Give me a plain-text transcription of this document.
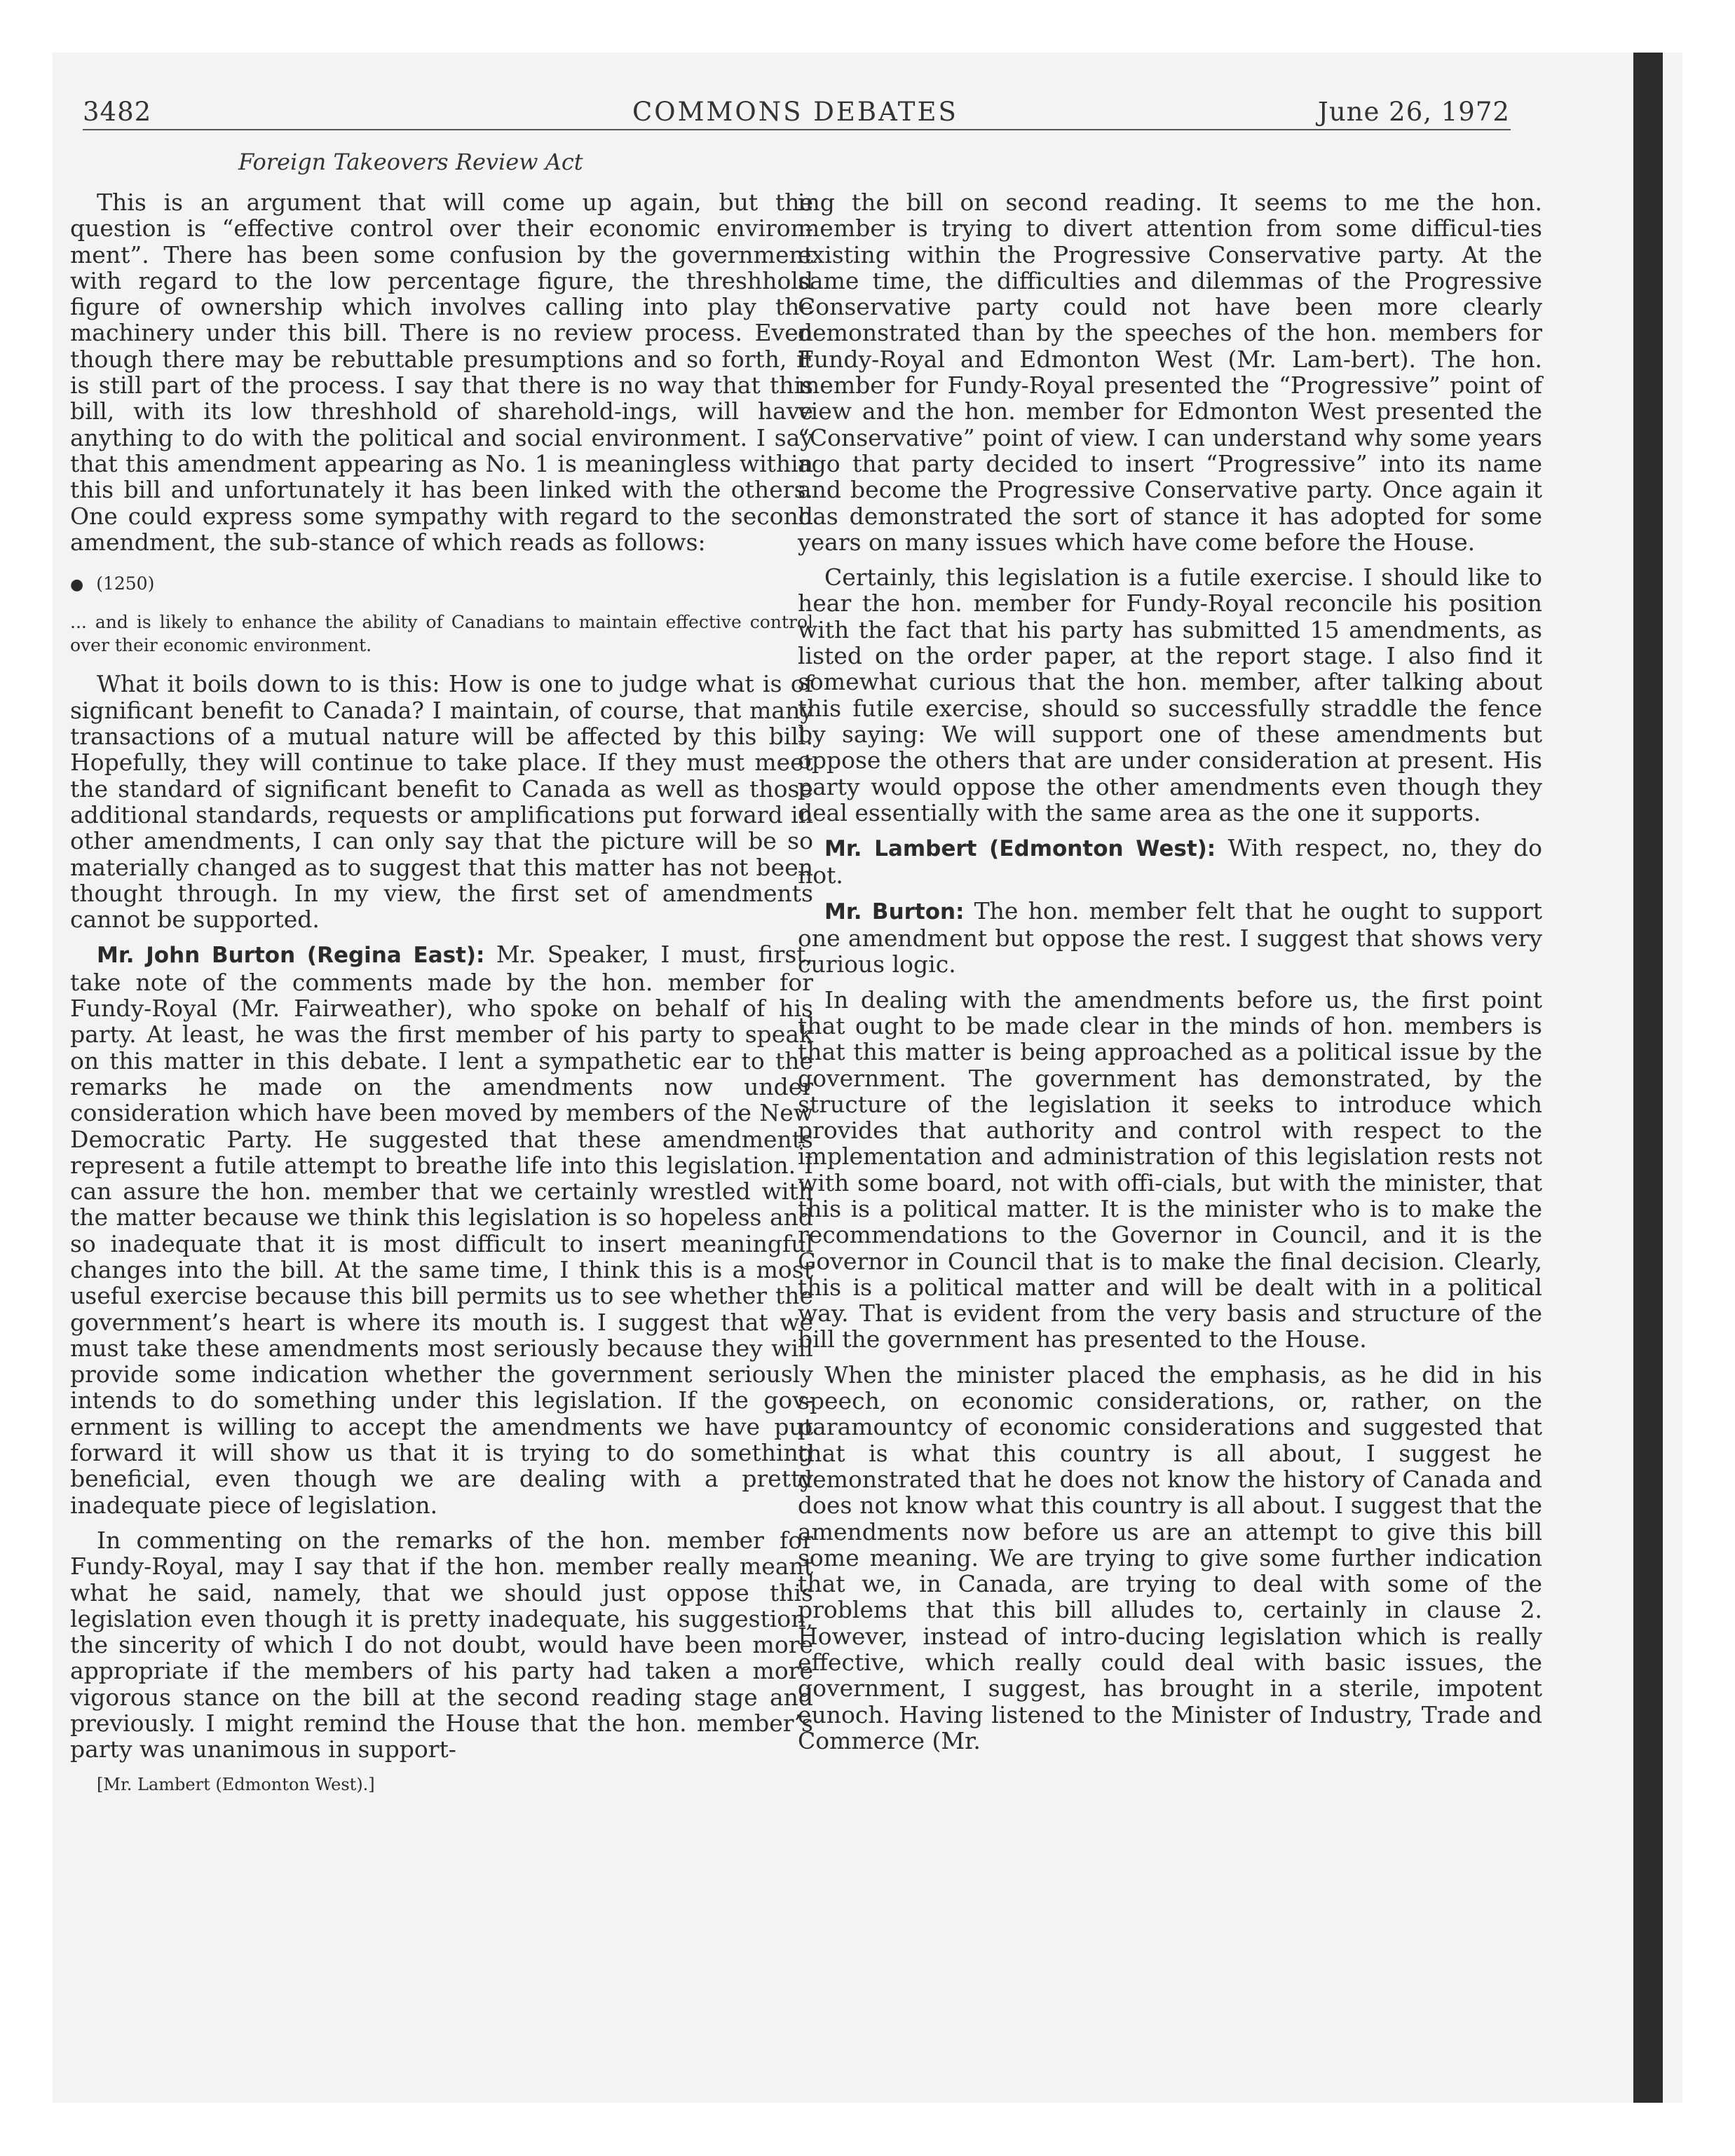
3482	COMMONS DEBATES	June 26, 1972
Foreign Takeovers Review Act

This is an argument that will come up again, but the question is “effective control over their economic environ-ment”. There has been some confusion by the government with regard to the low percentage figure, the threshhold figure of ownership which involves calling into play the machinery under this bill. There is no review process. Even though there may be rebuttable presumptions and so forth, it is still part of the process. I say that there is no way that this bill, with its low threshhold of sharehold-ings, will have anything to do with the political and social environment. I say that this amendment appearing as No. 1 is meaningless within this bill and unfortunately it has been linked with the others. One could express some sympathy with regard to the second amendment, the sub-stance of which reads as follows:

● (1250)

... and is likely to enhance the ability of Canadians to maintain effective control over their economic environment.

What it boils down to is this: How is one to judge what is of significant benefit to Canada? I maintain, of course, that many transactions of a mutual nature will be affected by this bill. Hopefully, they will continue to take place. If they must meet the standard of significant benefit to Canada as well as those additional standards, requests or amplifications put forward in other amendments, I can only say that the picture will be so materially changed as to suggest that this matter has not been thought through. In my view, the first set of amendments cannot be supported.

Mr. John Burton (Regina East): Mr. Speaker, I must, first, take note of the comments made by the hon. member for Fundy-Royal (Mr. Fairweather), who spoke on behalf of his party. At least, he was the first member of his party to speak on this matter in this debate. I lent a sympathetic ear to the remarks he made on the amendments now under consideration which have been moved by members of the New Democratic Party. He suggested that these amendments represent a futile attempt to breathe life into this legislation. I can assure the hon. member that we certainly wrestled with the matter because we think this legislation is so hopeless and so inadequate that it is most difficult to insert meaningful changes into the bill. At the same time, I think this is a most useful exercise because this bill permits us to see whether the government’s heart is where its mouth is. I suggest that we must take these amendments most seriously because they will provide some indication whether the government seriously intends to do something under this legislation. If the gov-ernment is willing to accept the amendments we have put forward it will show us that it is trying to do something beneficial, even though we are dealing with a pretty inadequate piece of legislation.

In commenting on the remarks of the hon. member for Fundy-Royal, may I say that if the hon. member really meant what he said, namely, that we should just oppose this legislation even though it is pretty inadequate, his suggestion, the sincerity of which I do not doubt, would have been more appropriate if the members of his party had taken a more vigorous stance on the bill at the second reading stage and previously. I might remind the House that the hon. member’s party was unanimous in support-

[Mr. Lambert (Edmonton West).]

ing the bill on second reading. It seems to me the hon. member is trying to divert attention from some difficul-ties existing within the Progressive Conservative party. At the same time, the difficulties and dilemmas of the Progressive Conservative party could not have been more clearly demonstrated than by the speeches of the hon. members for Fundy-Royal and Edmonton West (Mr. Lam-bert). The hon. member for Fundy-Royal presented the “Progressive” point of view and the hon. member for Edmonton West presented the “Conservative” point of view. I can understand why some years ago that party decided to insert “Progressive” into its name and become the Progressive Conservative party. Once again it has demonstrated the sort of stance it has adopted for some years on many issues which have come before the House.

Certainly, this legislation is a futile exercise. I should like to hear the hon. member for Fundy-Royal reconcile his position with the fact that his party has submitted 15 amendments, as listed on the order paper, at the report stage. I also find it somewhat curious that the hon. member, after talking about this futile exercise, should so successfully straddle the fence by saying: We will support one of these amendments but oppose the others that are under consideration at present. His party would oppose the other amendments even though they deal essentially with the same area as the one it supports.

Mr. Lambert (Edmonton West): With respect, no, they do not.

Mr. Burton: The hon. member felt that he ought to support one amendment but oppose the rest. I suggest that shows very curious logic.

In dealing with the amendments before us, the first point that ought to be made clear in the minds of hon. members is that this matter is being approached as a political issue by the government. The government has demonstrated, by the structure of the legislation it seeks to introduce which provides that authority and control with respect to the implementation and administration of this legislation rests not with some board, not with offi-cials, but with the minister, that this is a political matter. It is the minister who is to make the recommendations to the Governor in Council, and it is the Governor in Council that is to make the final decision. Clearly, this is a political matter and will be dealt with in a political way. That is evident from the very basis and structure of the bill the government has presented to the House.

When the minister placed the emphasis, as he did in his speech, on economic considerations, or, rather, on the paramountcy of economic considerations and suggested that that is what this country is all about, I suggest he demonstrated that he does not know the history of Canada and does not know what this country is all about. I suggest that the amendments now before us are an attempt to give this bill some meaning. We are trying to give some further indication that we, in Canada, are trying to deal with some of the problems that this bill alludes to, certainly in clause 2. However, instead of intro-ducing legislation which is really effective, which really could deal with basic issues, the government, I suggest, has brought in a sterile, impotent eunoch. Having listened to the Minister of Industry, Trade and Commerce (Mr.
